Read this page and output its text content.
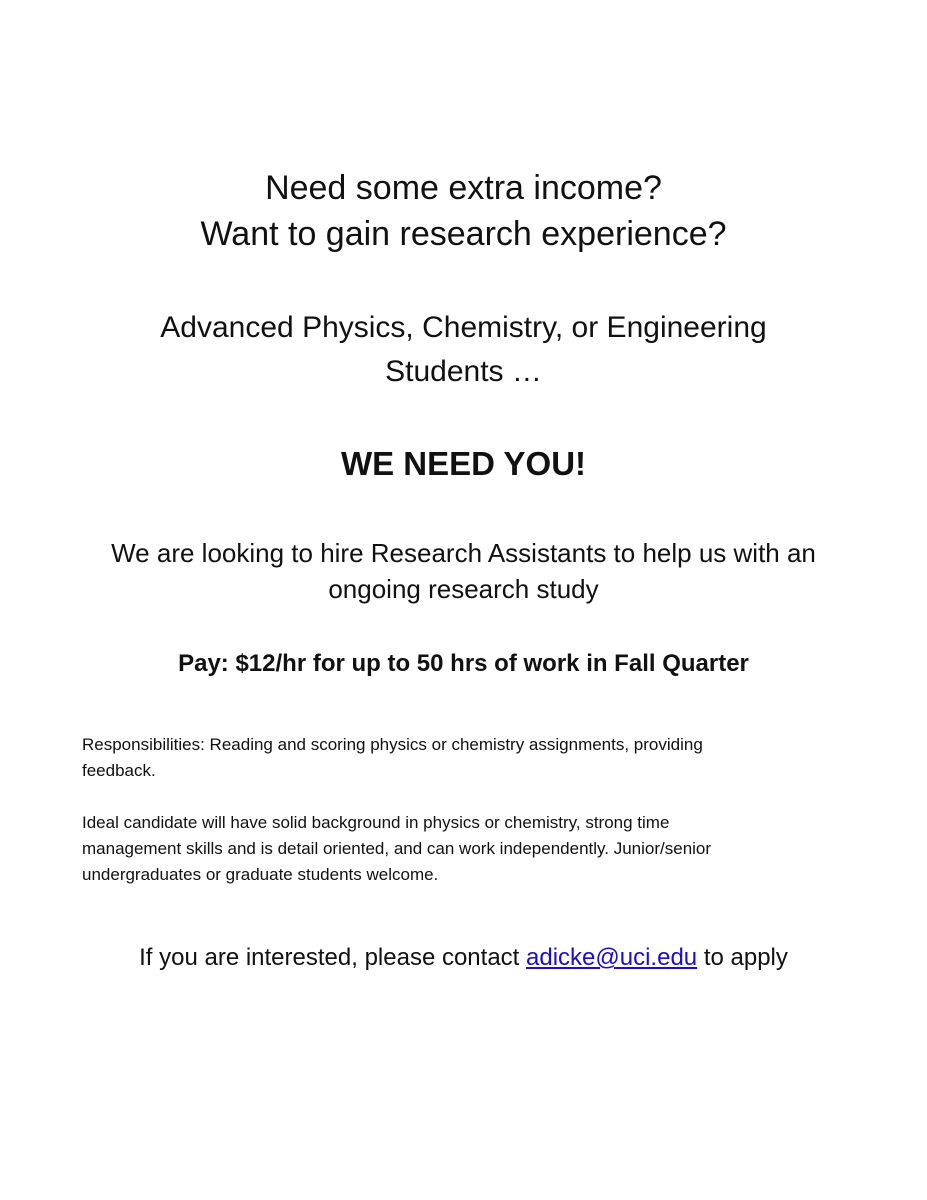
Need some extra income?
Want to gain research experience?
Advanced Physics, Chemistry, or Engineering
Students …
WE NEED YOU!
We are looking to hire Research Assistants to help us with an
ongoing research study
Pay: $12/hr for up to 50 hrs of work in Fall Quarter
Responsibilities: Reading and scoring physics or chemistry assignments, providing
feedback.
Ideal candidate will have solid background in physics or chemistry, strong time
management skills and is detail oriented, and can work independently. Junior/senior
undergraduates or graduate students welcome.
If you are interested, please contact adicke@uci.edu to apply
